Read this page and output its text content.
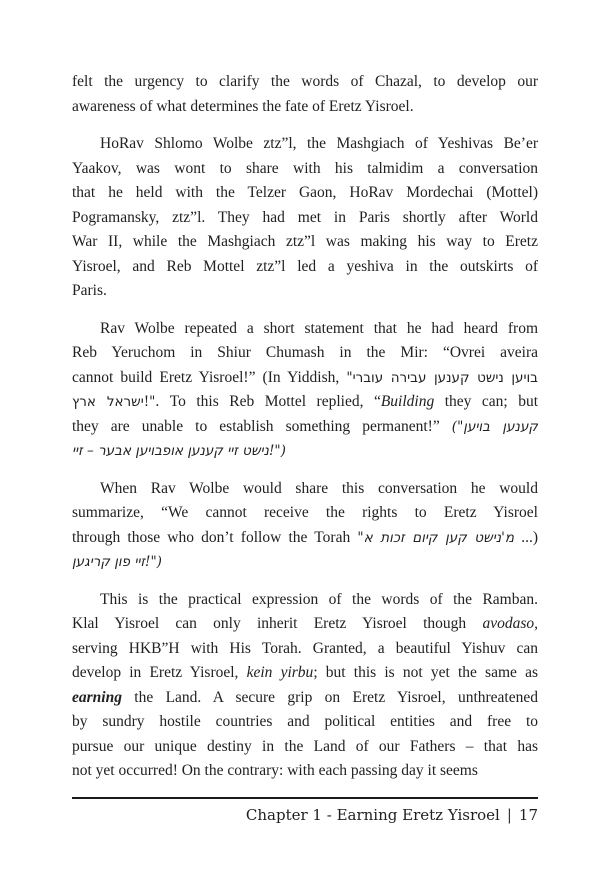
felt the urgency to clarify the words of Chazal, to develop our
awareness of what determines the fate of Eretz Yisroel.
HoRav Shlomo Wolbe ztz”l, the Mashgiach of Yeshivas Be’er
Yaakov, was wont to share with his talmidim a conversation
that he held with the Telzer Gaon, HoRav Mordechai (Mottel)
Pogramansky, ztz”l. They had met in Paris shortly after World
War II, while the Mashgiach ztz”l was making his way to Eretz
Yisroel, and Reb Mottel ztz”l led a yeshiva in the outskirts of
Paris.
Rav Wolbe repeated a short statement that he had heard from
Reb Yeruchom in Shiur Chumash in the Mir: “Ovrei aveira
cannot build Eretz Yisroel!” (In Yiddish, "עוברי עבירה קענען נישט בויען
ארץ ישראל!". To this Reb Mottel replied, “Building they can; but
they are unable to establish something permanent!” ("בויען קענען
זיי – אבער אופבויען קענען זיי נישט!")
When Rav Wolbe would share this conversation he would
summarize, “We cannot receive the rights to Eretz Yisroel
through those who don’t follow the Torah "א זכות קיום קען מ'נישט ...)
קריגען פון זיי!")
This is the practical expression of the words of the Ramban.
Klal Yisroel can only inherit Eretz Yisroel though avodaso,
serving HKB”H with His Torah. Granted, a beautiful Yishuv can
develop in Eretz Yisroel, kein yirbu; but this is not yet the same as
earning the Land. A secure grip on Eretz Yisroel, unthreatened
by sundry hostile countries and political entities and free to
pursue our unique destiny in the Land of our Fathers – that has
not yet occurred! On the contrary: with each passing day it seems
Chapter 1 - Earning Eretz Yisroel | 17
